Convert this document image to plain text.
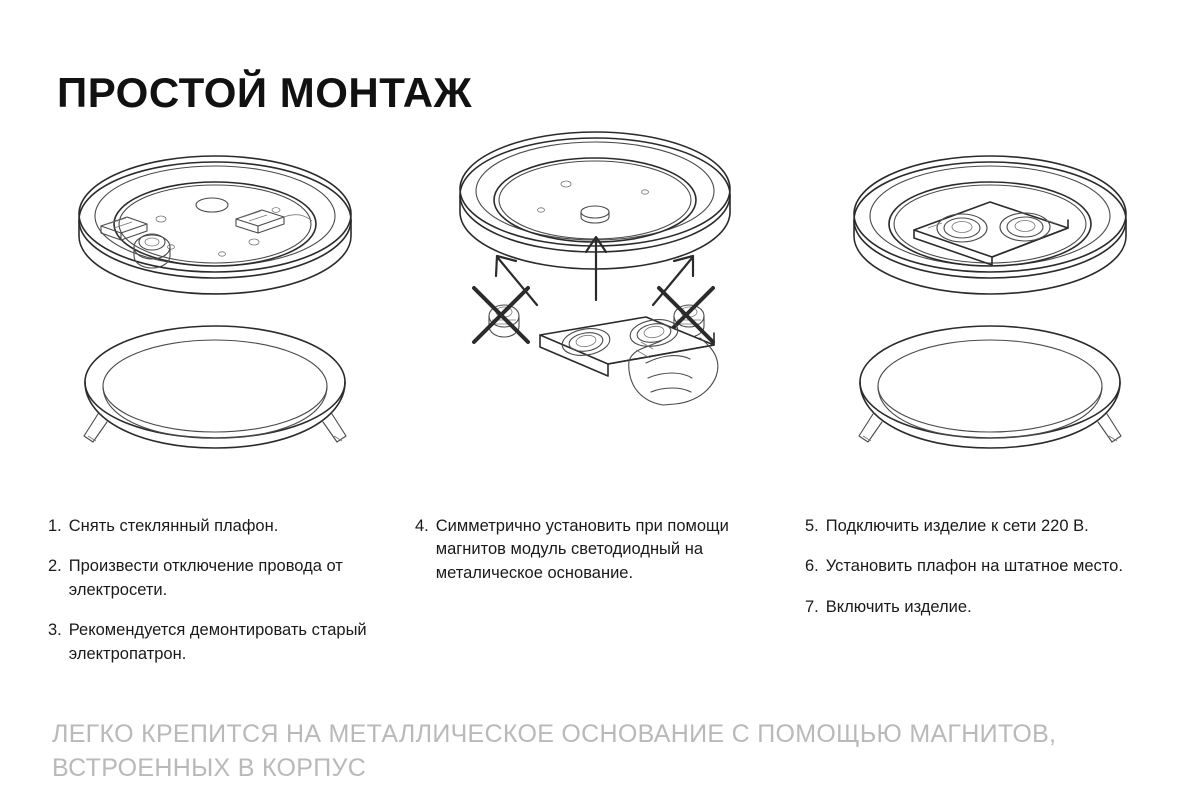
ПРОСТОЙ МОНТАЖ
1. Снять стеклянный плафон.
2. Произвести отключение провода от электросети.
3. Рекомендуется демонтировать старый электропатрон.
4. Симметрично установить при помощи магнитов модуль светодиодный на металическое основание.
5. Подключить изделие к сети 220 В.
6. Установить плафон на штатное место.
7. Включить изделие.
ЛЕГКО КРЕПИТСЯ НА МЕТАЛЛИЧЕСКОЕ ОСНОВАНИЕ С ПОМОЩЬЮ МАГНИТОВ, ВСТРОЕННЫХ В КОРПУС
